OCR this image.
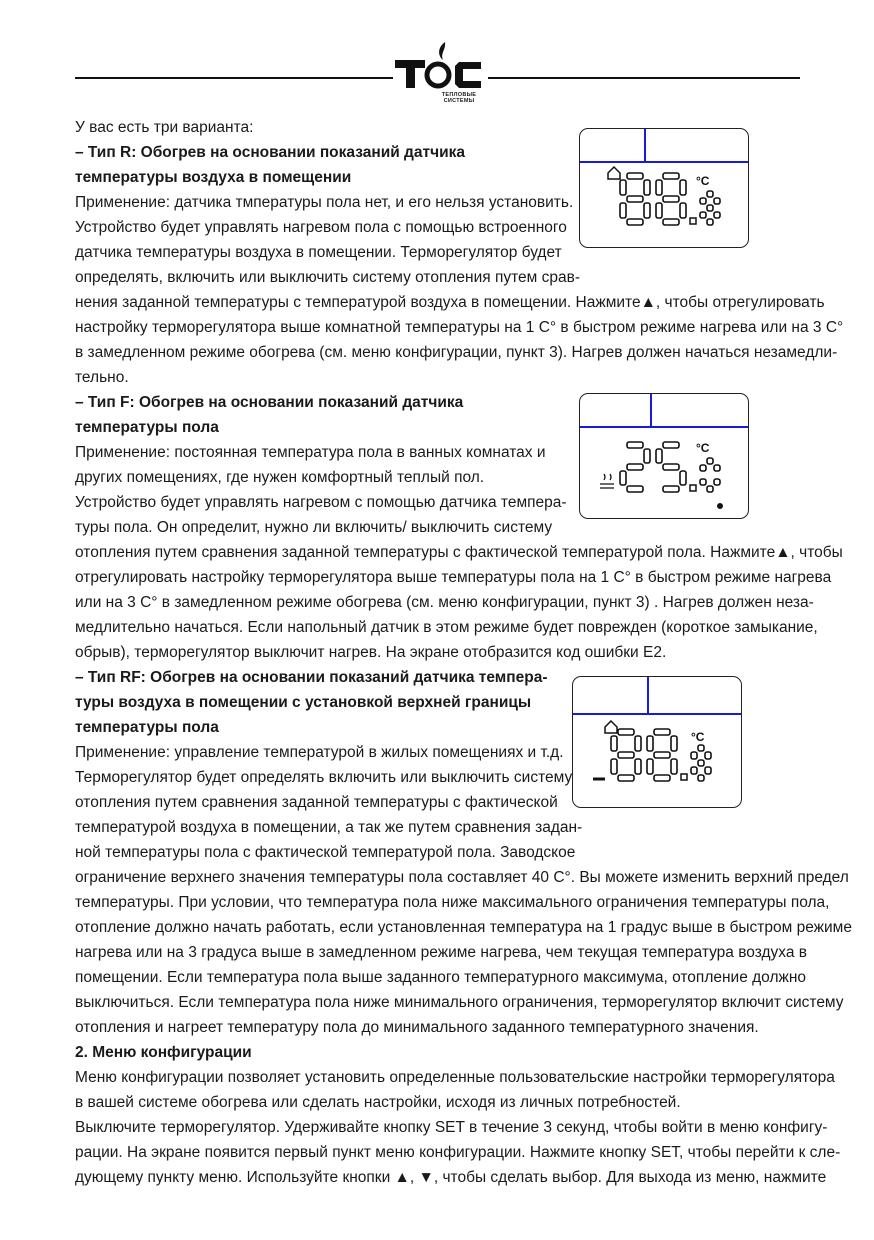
ТЕПЛОВЫЕ
СИСТЕМЫ
У вас есть три варианта:
– Тип R: Обогрев на основании показаний датчика
температуры воздуха в помещении
Применение: датчика тмпературы пола нет, и его нельзя установить.
Устройство будет управлять нагревом пола с помощью встроенного
датчика температуры воздуха в помещении. Терморегулятор будет
определять, включить или выключить систему отопления путем срав-
нения заданной температуры с температурой воздуха в помещении. Нажмите▲, чтобы отрегулировать
настройку терморегулятора выше комнатной температуры на 1 С° в быстром режиме нагрева или на 3 С°
в замедленном режиме обогрева (см. меню конфигурации, пункт 3). Нагрев должен начаться незамедли-
тельно.
– Тип F: Обогрев на основании показаний датчика
температуры пола
Применение: постоянная температура пола в ванных комнатах и
других помещениях, где нужен комфортный теплый пол.
Устройство будет управлять нагревом с помощью датчика темпера-
туры пола. Он определит, нужно ли включить/ выключить систему
отопления путем сравнения заданной температуры с фактической температурой пола. Нажмите▲, чтобы
отрегулировать настройку терморегулятора выше температуры пола на 1 С° в быстром режиме нагрева
или на 3 С° в замедленном режиме обогрева (см. меню конфигурации, пункт 3) . Нагрев должен неза-
медлительно начаться. Если напольный датчик в этом режиме будет поврежден (короткое замыкание,
обрыв), терморегулятор выключит нагрев. На экране отобразится код ошибки Е2.
– Тип RF: Обогрев на основании показаний датчика темпера-
туры воздуха в помещении с установкой верхней границы
температуры пола
Применение: управление температурой в жилых помещениях и т.д.
Терморегулятор будет определять включить или выключить систему
отопления путем сравнения заданной температуры с фактической
температурой воздуха в помещении, а так же путем сравнения задан-
ной температуры пола с фактической температурой пола. Заводское
ограничение верхнего значения температуры пола составляет 40 С°. Вы можете изменить верхний предел
температуры. При условии, что температура пола ниже максимального ограничения температуры пола,
отопление должно начать работать, если установленная температура на 1 градус выше в быстром режиме
нагрева или на 3 градуса выше в замедленном режиме нагрева, чем текущая температура воздуха в
помещении. Если температура пола выше заданного температурного максимума, отопление должно
выключиться. Если температура пола ниже минимального ограничения, терморегулятор включит систему
отопления и нагреет температуру пола до минимального заданного температурного значения.
2. Меню конфигурации
Меню конфигурации позволяет установить определенные пользовательские настройки терморегулятора
в вашей системе обогрева или сделать настройки, исходя из личных потребностей.
Выключите терморегулятор. Удерживайте кнопку SET в течение 3 секунд, чтобы войти в меню конфигу-
рации. На экране появится первый пункт меню конфигурации. Нажмите кнопку SET, чтобы перейти к сле-
дующему пункту меню. Используйте кнопки ▲, ▼, чтобы сделать выбор. Для выхода из меню, нажмите
°C
°C
°C
